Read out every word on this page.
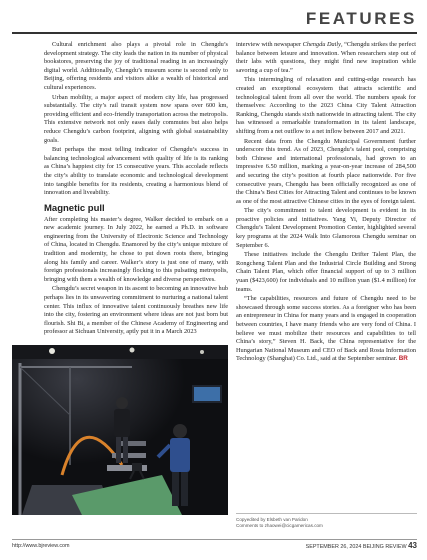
FEATURES

Cultural enrichment also plays a pivotal role in Chengdu’s development strategy. The city leads the nation in its number of physical bookstores, preserving the joy of traditional reading in an increasingly digital world. Additionally, Chengdu’s museum scene is second only to Beijing, offering residents and visitors alike a wealth of historical and cultural experiences.

Urban mobility, a major aspect of modern city life, has progressed substantially. The city’s rail transit system now spans over 600 km, providing efficient and eco-friendly transportation across the metropolis. This extensive network not only eases daily commutes but also helps reduce Chengdu’s carbon footprint, aligning with global sustainability goals.

But perhaps the most telling indicator of Chengdu’s success in balancing technological advancement with quality of life is its ranking as China’s happiest city for 15 consecutive years. This accolade reflects the city’s ability to translate economic and technological development into tangible benefits for its residents, creating a harmonious blend of innovation and liveability.

Magnetic pull

After completing his master’s degree, Walker decided to embark on a new academic journey. In July 2022, he earned a Ph.D. in software engineering from the University of Electronic Science and Technology of China, located in Chengdu. Enamored by the city’s unique mixture of tradition and modernity, he chose to put down roots there, bringing along his family and career. Walker’s story is just one of many, with foreign professionals increasingly flocking to this pulsating metropolis, bringing with them a wealth of knowledge and diverse perspectives.

Chengdu’s secret weapon in its ascent to becoming an innovative hub perhaps lies in its unwavering commitment to nurturing a national talent center. This influx of innovative talent continuously breathes new life into the city, fostering an environment where ideas are not just born but flourish. Shi Bi, a member of the Chinese Academy of Engineering and professor at Sichuan University, aptly put it in a March 2023

interview with newspaper Chengdu Daily, “Chengdu strikes the perfect balance between leisure and innovation. When researchers step out of their labs with questions, they might find new inspiration while savoring a cup of tea.”

This intermingling of relaxation and cutting-edge research has created an exceptional ecosystem that attracts scientific and technological talent from all over the world. The numbers speak for themselves: According to the 2023 China City Talent Attraction Ranking, Chengdu stands sixth nationwide in attracting talent. The city has witnessed a remarkable transformation in its talent landscape, shifting from a net outflow to a net inflow between 2017 and 2021.

Recent data from the Chengdu Municipal Government further underscore this trend. As of 2023, Chengdu’s talent pool, comprising both Chinese and international professionals, had grown to an impressive 6.50 million, marking a year-on-year increase of 284,500 and securing the city’s position at fourth place nationwide. For five consecutive years, Chengdu has been officially recognized as one of the China’s Best Cities for Attracting Talent and continues to be known as one of the most attractive Chinese cities in the eyes of foreign talent.

The city’s commitment to talent development is evident in its proactive policies and initiatives. Yang Yi, Deputy Director of Chengdu’s Talent Development Promotion Center, highlighted several key programs at the 2024 Walk Into Glamorous Chengdu seminar on September 6.

These initiatives include the Chengdu Drifter Talent Plan, the Rongcheng Talent Plan and the Industrial Circle Building and Strong Chain Talent Plan, which offer financial support of up to 3 million yuan ($423,600) for individuals and 10 million yuan ($1.4 million) for teams.

“The capabilities, resources and future of Chengdu need to be showcased through some success stories. As a foreigner who has been an entrepreneur in China for many years and is engaged in cooperation between countries, I have many friends who are very fond of China. I believe we must mobilize their resources and capabilities to tell China’s story,” Steven H. Back, the China representative for the Hungarian National Museum and CEO of Back and Rosta Information Technology (Shanghai) Co. Ltd., said at the September seminar. BR

Copyedited by Elsbeth van Paridon
Comments to zhaowei@cicgamericas.com
http://www.bjreview.com	SEPTEMBER 26, 2024 BEIJING REVIEW 43
